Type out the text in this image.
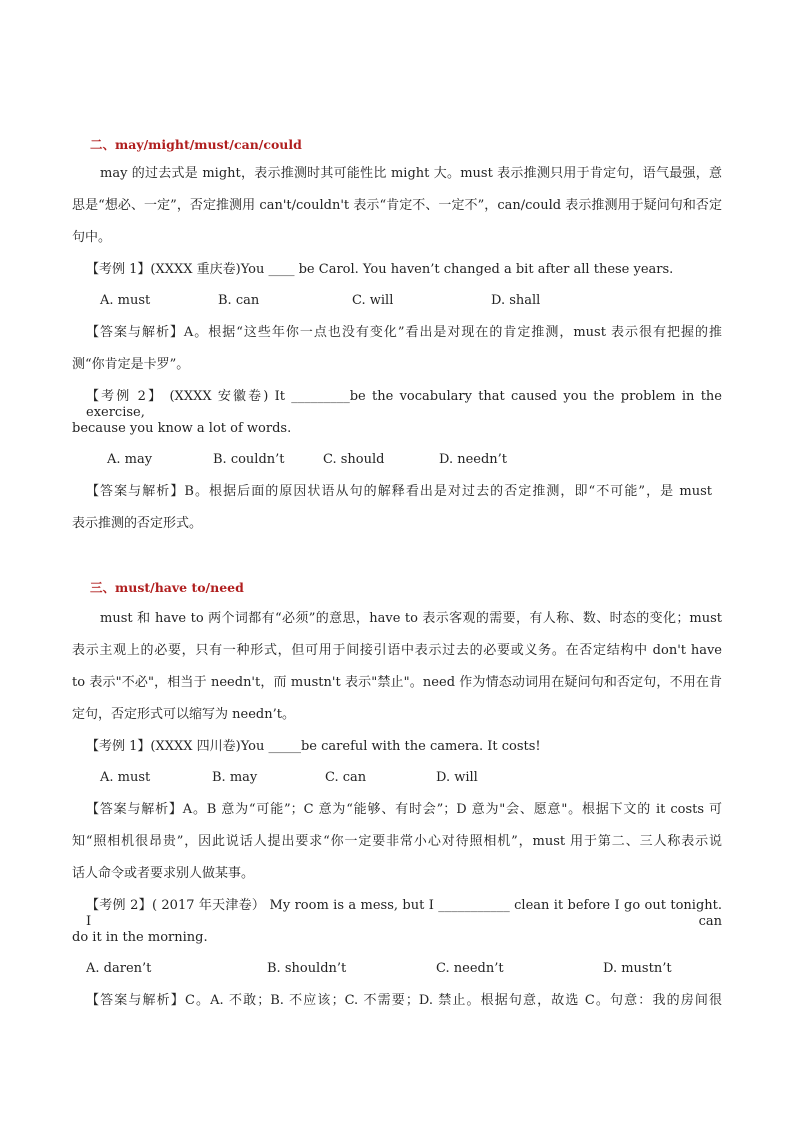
二、may/might/must/can/could
may 的过去式是 might，表示推测时其可能性比 might 大。must 表示推测只用于肯定句，语气最强，意
思是“想必、一定”，否定推测用 can't/couldn't 表示“肯定不、一定不”，can/could 表示推测用于疑问句和否定
句中。
【考例 1】(XXXX 重庆卷)You ____ be Carol. You haven’t changed a bit after all these years.
A. must	B. can	C. will	D. shall
【答案与解析】A。根据“这些年你一点也没有变化”看出是对现在的肯定推测，must 表示很有把握的推
测“你肯定是卡罗”。
【考例 2】 (XXXX 安徽卷) It _________be the vocabulary that caused you the problem in the exercise,
because you know a lot of words.
A. may	B. couldn’t	C. should	D. needn’t
【答案与解析】B。根据后面的原因状语从句的解释看出是对过去的否定推测，即“不可能”，是 must
表示推测的否定形式。
三、must/have to/need
must 和 have to 两个词都有“必须”的意思，have to 表示客观的需要，有人称、数、时态的变化；must
表示主观上的必要，只有一种形式，但可用于间接引语中表示过去的必要或义务。在否定结构中 don't have
to 表示"不必"，相当于 needn't，而 mustn't 表示"禁止"。need 作为情态动词用在疑问句和否定句，不用在肯
定句，否定形式可以缩写为 needn’t。
【考例 1】(XXXX 四川卷)You _____be careful with the camera. It costs!
A. must	B. may	C. can	D. will
【答案与解析】A。B 意为“可能”；C 意为“能够、有时会”；D 意为"会、愿意"。根据下文的 it costs 可
知“照相机很昂贵”，因此说话人提出要求“你一定要非常小心对待照相机”，must 用于第二、三人称表示说
话人命令或者要求别人做某事。
【考例 2】( 2017 年天津卷） My room is a mess, but I ___________ clean it before I go out tonight. I can
do it in the morning.
A. daren’t	B. shouldn’t	C. needn’t	D. mustn’t
【答案与解析】C。A. 不敢；B. 不应该；C. 不需要；D. 禁止。根据句意，故选 C。句意：我的房间很
